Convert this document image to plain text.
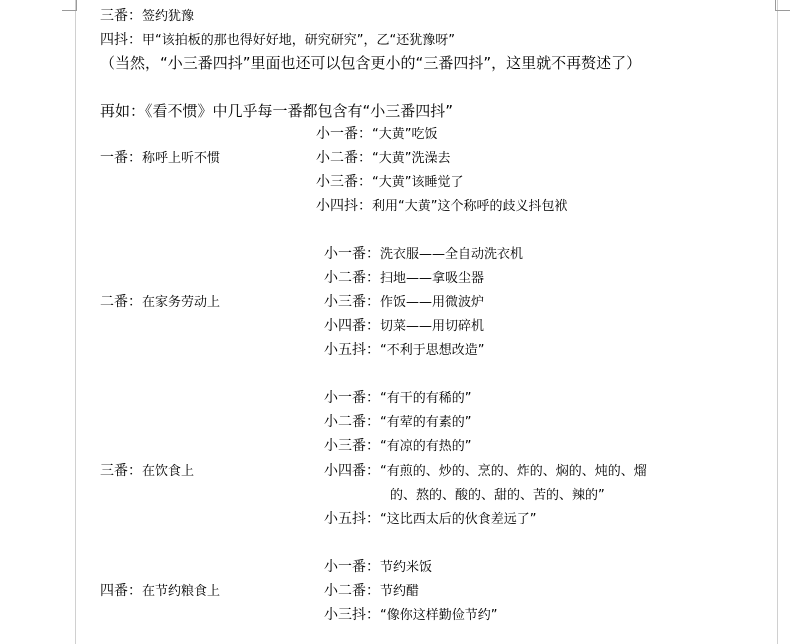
三番：签约犹豫
四抖：甲“该拍板的那也得好好地，研究研究”，乙“还犹豫呀”
（当然，“小三番四抖”里面也还可以包含更小的“三番四抖”，这里就不再赘述了）
再如：《看不惯》中几乎每一番都包含有“小三番四抖”
一番：称呼上听不惯
小一番：“大黄”吃饭
小二番：“大黄”洗澡去
小三番：“大黄”该睡觉了
小四抖：利用“大黄”这个称呼的歧义抖包袱
二番：在家务劳动上
小一番：洗衣服——全自动洗衣机
小二番：扫地——拿吸尘器
小三番：作饭——用微波炉
小四番：切菜——用切碎机
小五抖：“不利于思想改造”
三番：在饮食上
小一番：“有干的有稀的”
小二番：“有荤的有素的”
小三番：“有凉的有热的”
小四番：“有煎的、炒的、烹的、炸的、焖的、炖的、熘
的、熬的、酸的、甜的、苦的、辣的”
小五抖：“这比西太后的伙食差远了”
四番：在节约粮食上
小一番：节约米饭
小二番：节约醋
小三抖：“像你这样勤俭节约”
